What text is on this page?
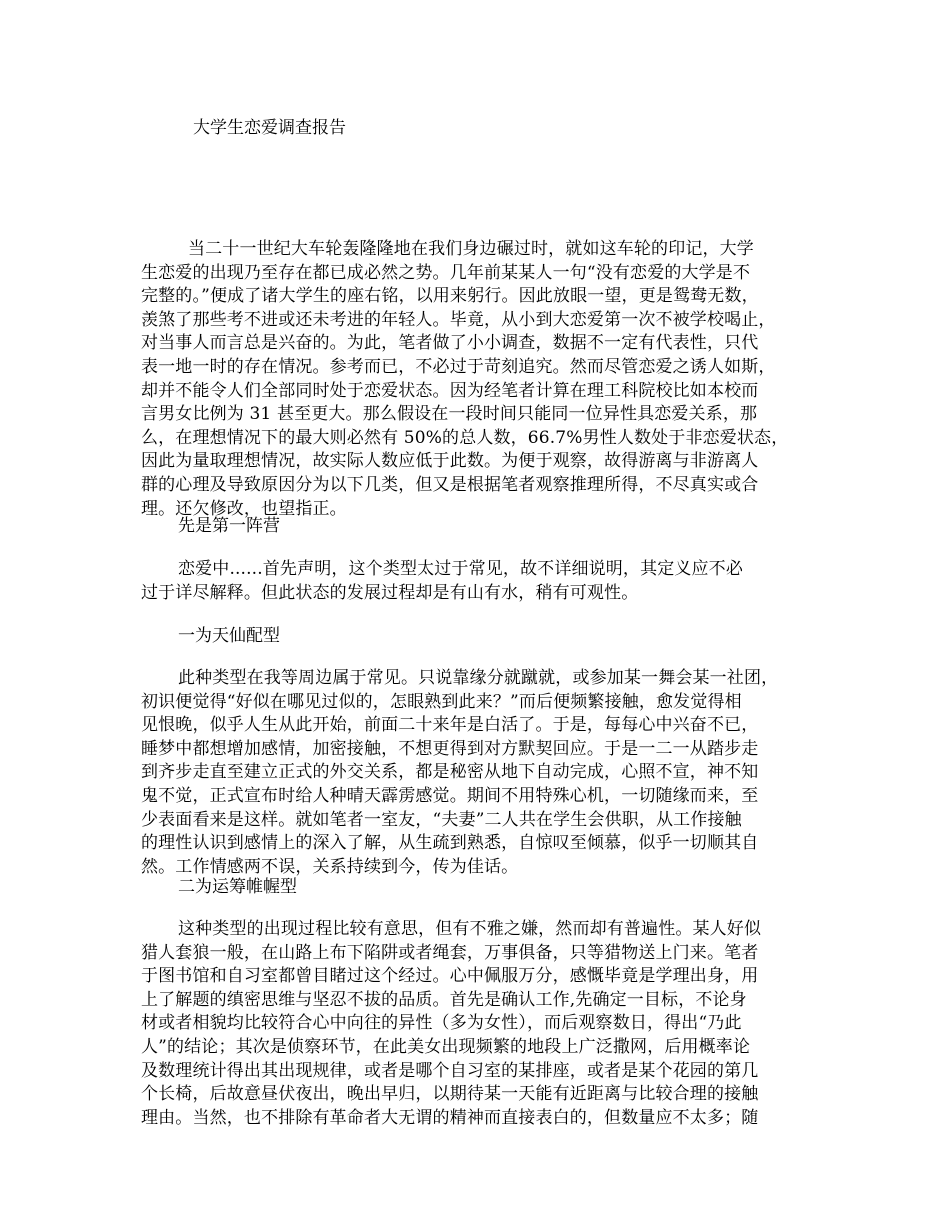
大学生恋爱调查报告
当二十一世纪大车轮轰隆隆地在我们身边碾过时，就如这车轮的印记，大学
生恋爱的出现乃至存在都已成必然之势。几年前某某人一句“没有恋爱的大学是不
完整的。”便成了诸大学生的座右铭，以用来躬行。因此放眼一望，更是鸳鸯无数，
羡煞了那些考不进或还未考进的年轻人。毕竟，从小到大恋爱第一次不被学校喝止，
对当事人而言总是兴奋的。为此，笔者做了小小调查，数据不一定有代表性，只代
表一地一时的存在情况。参考而已，不必过于苛刻追究。然而尽管恋爱之诱人如斯，
却并不能令人们全部同时处于恋爱状态。因为经笔者计算在理工科院校比如本校而
言男女比例为 31 甚至更大。那么假设在一段时间只能同一位异性具恋爱关系，那
么，在理想情况下的最大则必然有 50%的总人数，66.7%男性人数处于非恋爱状态，
因此为量取理想情况，故实际人数应低于此数。为便于观察，故得游离与非游离人
群的心理及导致原因分为以下几类，但又是根据笔者观察推理所得，不尽真实或合
理。还欠修改，也望指正。
先是第一阵营
恋爱中......首先声明，这个类型太过于常见，故不详细说明，其定义应不必
过于详尽解释。但此状态的发展过程却是有山有水，稍有可观性。
一为天仙配型
此种类型在我等周边属于常见。只说靠缘分就蹴就，或参加某一舞会某一社团，
初识便觉得“好似在哪见过似的，怎眼熟到此来？”而后便频繁接触，愈发觉得相
见恨晚，似乎人生从此开始，前面二十来年是白活了。于是，每每心中兴奋不已，
睡梦中都想增加感情，加密接触，不想更得到对方默契回应。于是一二一从踏步走
到齐步走直至建立正式的外交关系，都是秘密从地下自动完成，心照不宣，神不知
鬼不觉，正式宣布时给人种晴天霹雳感觉。期间不用特殊心机，一切随缘而来，至
少表面看来是这样。就如笔者一室友，“夫妻”二人共在学生会供职，从工作接触
的理性认识到感情上的深入了解，从生疏到熟悉，自惊叹至倾慕，似乎一切顺其自
然。工作情感两不误，关系持续到今，传为佳话。
二为运筹帷幄型
这种类型的出现过程比较有意思，但有不雅之嫌，然而却有普遍性。某人好似
猎人套狼一般，在山路上布下陷阱或者绳套，万事俱备，只等猎物送上门来。笔者
于图书馆和自习室都曾目睹过这个经过。心中佩服万分，感慨毕竟是学理出身，用
上了解题的缜密思维与坚忍不拔的品质。首先是确认工作,先确定一目标，不论身
材或者相貌均比较符合心中向往的异性（多为女性），而后观察数日，得出“乃此
人”的结论；其次是侦察环节，在此美女出现频繁的地段上广泛撒网，后用概率论
及数理统计得出其出现规律，或者是哪个自习室的某排座，或者是某个花园的第几
个长椅，后故意昼伏夜出，晚出早归，以期待某一天能有近距离与比较合理的接触
理由。当然，也不排除有革命者大无谓的精神而直接表白的，但数量应不太多；随
